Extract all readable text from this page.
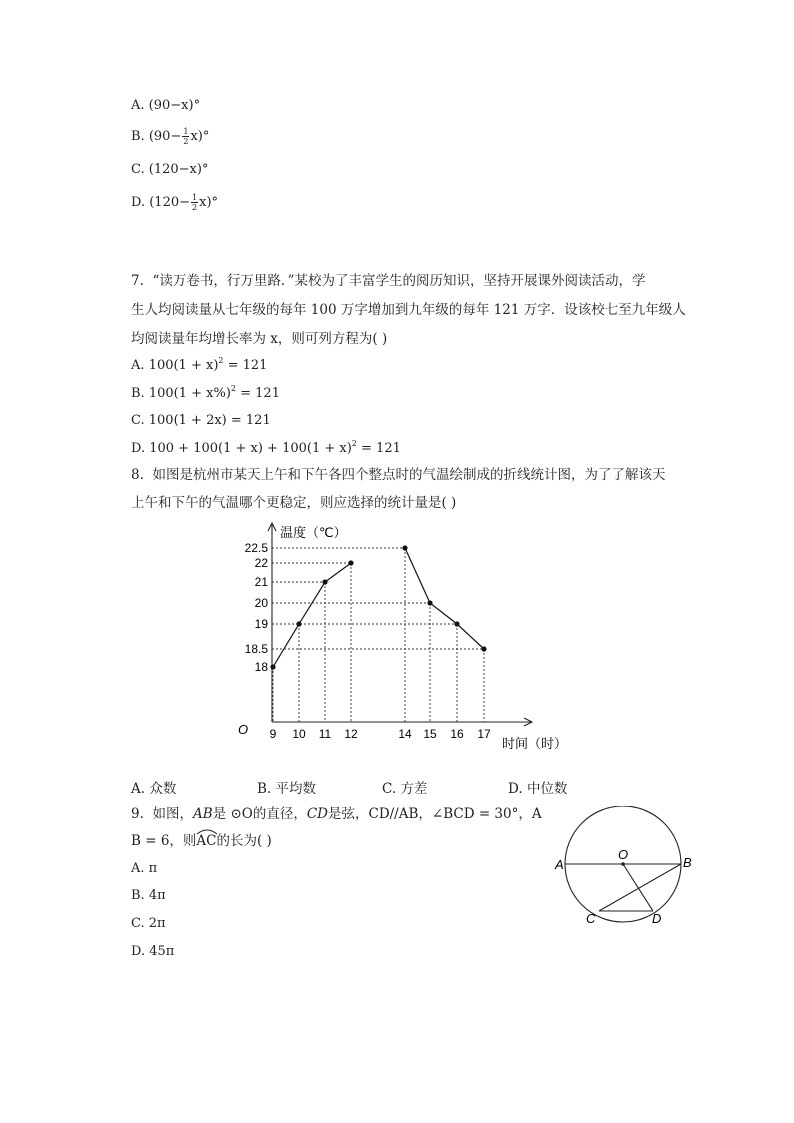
A. (90−x)°
B. $(90- \frac{1}{2} x)^\circ$
C. (120−x)°
D. $(120- \frac{1}{2} x)^\circ$
7. “读万卷书，行万里路．”某校为了丰富学生的阅历知识，坚持开展课外阅读活动，学
生人均阅读量从七年级的每年 100 万字增加到九年级的每年 121 万字．设该校七至九年级人
均阅读量年均增长率为 x，则可列方程为( )
A. $100(1 + x)^2 = 121$
B. $100(1 + x\%)^2 = 121$
C. 100(1 + 2x) = 121
D. $100 + 100(1 + x) + 100(1 + x)^2 = 121$
8. 如图是杭州市某天上午和下午各四个整点时的气温绘制成的折线统计图，为了了解该天
上午和下午的气温哪个更稳定，则应选择的统计量是( )
温度（℃）
时间（时）
O
18
18.5
19
20
21
22
22.5
9 10 11 12	14 15 16 17
A. 众数	B. 平均数	C. 方差	D. 中位数
9. 如图，AB是 ⊙O的直径，CD是弦，CD//AB，∠BCD = 30°，A
B = 6，则
AC的长为( )
A. π
B. 4π
C. 2π
D. 45π
A	B
O
C	D
